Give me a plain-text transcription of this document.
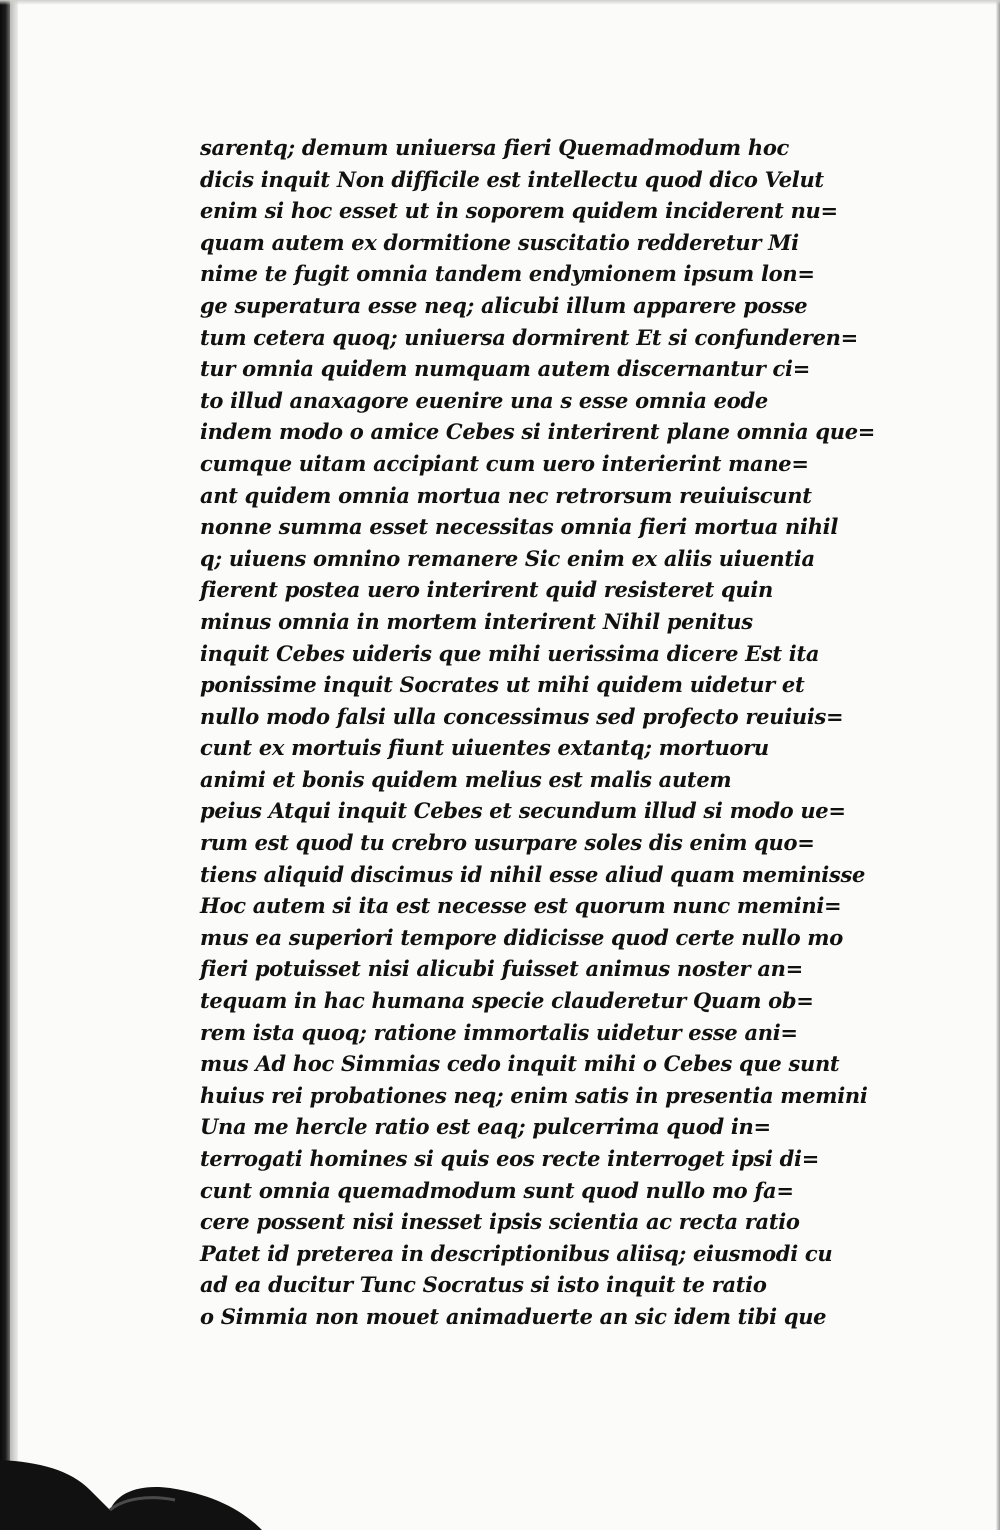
sarentq; demum uniuersa fieri Quemadmodum hoc
dicis inquit Non difficile est intellectu quod dico Velut
enim si hoc esset ut in soporem quidem inciderent nu=
quam autem ex dormitione suscitatio redderetur Mi
nime te fugit omnia tandem endymionem ipsum lon=
ge superatura esse neq; alicubi illum apparere posse
tum cetera quoq; uniuersa dormirent Et si confunderen=
tur omnia quidem numquam autem discernantur ci=
to illud anaxagore euenire una s esse omnia eode
indem modo o amice Cebes si interirent plane omnia que=
cumque uitam accipiant cum uero interierint mane=
ant quidem omnia mortua nec retrorsum reuiuiscunt
nonne summa esset necessitas omnia fieri mortua nihil
q; uiuens omnino remanere Sic enim ex aliis uiuentia
fierent postea uero interirent quid resisteret quin
minus omnia in mortem interirent Nihil penitus
inquit Cebes uideris que mihi uerissima dicere Est ita
ponissime inquit Socrates ut mihi quidem uidetur et
nullo modo falsi ulla concessimus sed profecto reuiuis=
cunt ex mortuis fiunt uiuentes extantq; mortuoru
animi et bonis quidem melius est malis autem
peius Atqui inquit Cebes et secundum illud si modo ue=
rum est quod tu crebro usurpare soles dis enim quo=
tiens aliquid discimus id nihil esse aliud quam meminisse
Hoc autem si ita est necesse est quorum nunc memini=
mus ea superiori tempore didicisse quod certe nullo mo
fieri potuisset nisi alicubi fuisset animus noster an=
tequam in hac humana specie clauderetur Quam ob=
rem ista quoq; ratione immortalis uidetur esse ani=
mus Ad hoc Simmias cedo inquit mihi o Cebes que sunt
huius rei probationes neq; enim satis in presentia memini
Una me hercle ratio est eaq; pulcerrima quod in=
terrogati homines si quis eos recte interroget ipsi di=
cunt omnia quemadmodum sunt quod nullo mo fa=
cere possent nisi inesset ipsis scientia ac recta ratio
Patet id preterea in descriptionibus aliisq; eiusmodi cu
ad ea ducitur Tunc Socratus si isto inquit te ratio
o Simmia non mouet animaduerte an sic idem tibi que
